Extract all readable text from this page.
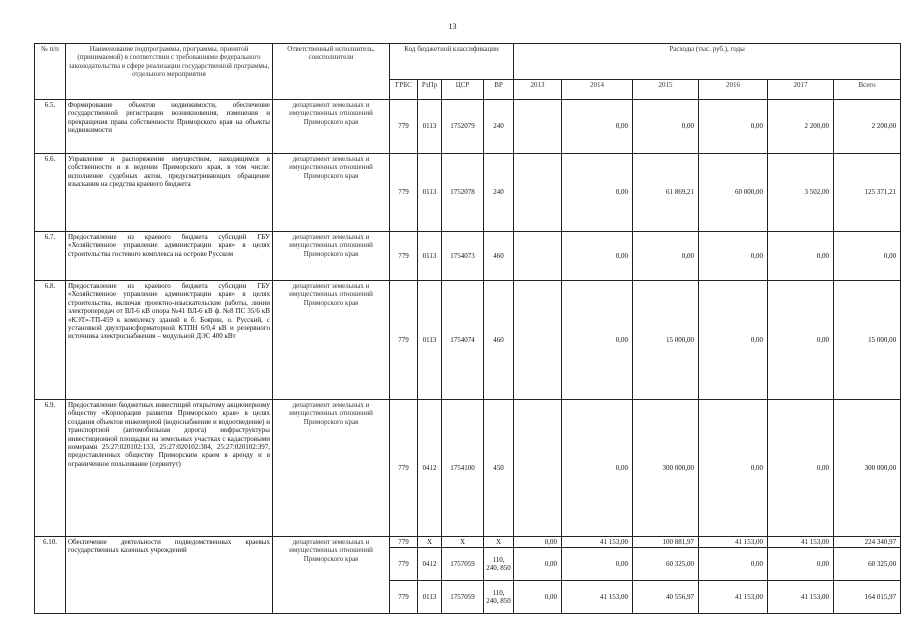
13
№ п/п	Наименование подпрограммы, программы, принятой (принимаемой) в соответствии с требованиями федерального законодательства в сфере реализации государственной программы, отдельного мероприятия	Ответственный исполнитель, соисполнители	Код бюджетной классификации				Расходы (тыс. руб.), годы					
			ГРБС	РзПр	ЦСР	ВР	2013	2014	2015	2016	2017	Всего
6.5.	Формирование объектов недвижимости, обеспечение государственной регистрации возникновения, изменения и прекращения права собственности Приморского края на объекты недвижимости	департамент земельных и имущественных отношений Приморского края	779	0113	1752079	240		0,00	0,00	0,00	2 200,00	2 200,00
6.6.	Управление и распоряжение имуществом, находящимся в собственности и в ведении Приморского края, в том числе: исполнение судебных актов, предусматривающих обращение взыскания на средства краевого бюджета	департамент земельных и имущественных отношений Приморского края	779	0113	1752078	240		0,00	61 869,21	60 000,00	3 502,00	125 371,21
6.7.	Предоставление из краевого бюджета субсидий ГБУ «Хозяйственное управление администрации края» в целях строительства гостевого комплекса на острове Русском	департамент земельных и имущественных отношений Приморского края	779	0113	1754073	460		0,00	0,00	0,00	0,00	0,00
6.8.	Предоставление из краевого бюджета субсидии ГБУ «Хозяйственное управление администрации края» в целях строительства, включая проектно-изыскательские работы, линии электропередач от ВЛ-6 кВ опора №41 ВЛ-6 кВ ф. №8 ПС 35/6 кВ «КЭТ»-ТП-459 к комплексу зданий в б. Боярин, о. Русский, с установкой двухтрансформаторной КТПН 6/0,4 кВ и резервного источника электроснабжения – модульной ДЭС 400 кВт	департамент земельных и имущественных отношений Приморского края	779	0113	1754074	460		0,00	15 000,00	0,00	0,00	15 000,00
6.9.	Предоставление бюджетных инвестиций открытому акционерному обществу «Корпорация развития Приморского края» в целях создания объектов инженерной (водоснабжение и водоотведение) и транспортной (автомобильная дорога) инфраструктуры инвестиционной площадки на земельных участках с кадастровыми номерами 25:27:020102:133, 25:27:020102:384, 25:27:020102:397, предоставленных обществу Приморским краем в аренду и в ограниченное пользование (сервитут)	департамент земельных и имущественных отношений Приморского края	779	0412	1754100	450		0,00	300 000,00	0,00	0,00	300 000,00
6.10.	Обеспечение деятельности подведомственных краевых государственных казенных учреждений	департамент земельных и имущественных отношений Приморского края	779	X	X	X	0,00	41 153,00	100 881,97	41 153,00	41 153,00	224 340,97
			779	0412	1757059	110, 240, 850	0,00	0,00	60 325,00	0,00	0,00	60 325,00
			779	0113	1757059	110, 240, 850	0,00	41 153,00	40 556,97	41 153,00	41 153,00	164 015,97
